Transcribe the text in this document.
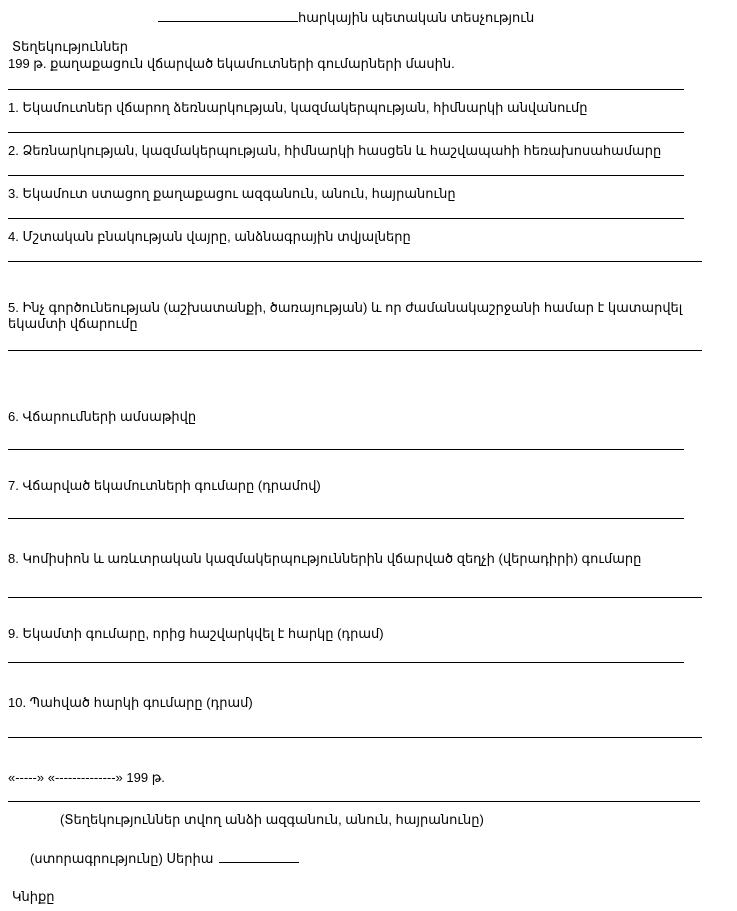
հարկային պետական տեսչություն
Տեղեկություններ
199 թ. քաղաքացուն վճարված եկամուտների գումարների մասին.
1. Եկամուտներ վճարող ձեռնարկության, կազմակերպության, հիմնարկի անվանումը
2. Ձեռնարկության, կազմակերպության, հիմնարկի հասցեն և հաշվապահի հեռախոսահամարը
3. Եկամուտ ստացող քաղաքացու ազգանուն, անուն, հայրանունը
4. Մշտական բնակության վայրը, անձնագրային տվյալները
5. Ինչ գործունեության (աշխատանքի, ծառայության) և որ ժամանակաշրջանի համար է կատարվել եկամտի վճարումը
6. Վճարումների ամսաթիվը
7. Վճարված եկամուտների գումարը (դրամով)
8. Կոմիսիոն և առևտրական կազմակերպություններին վճարված զեղչի (վերադիրի) գումարը
9. Եկամտի գումարը, որից հաշվարկվել է հարկը (դրամ)
10. Պահված հարկի գումարը (դրամ)
«-----» «--------------» 199 թ.
(Տեղեկություններ տվող անձի ազգանուն, անուն, հայրանունը)
(ստորագրությունը) Սերիա
Կնիքը
